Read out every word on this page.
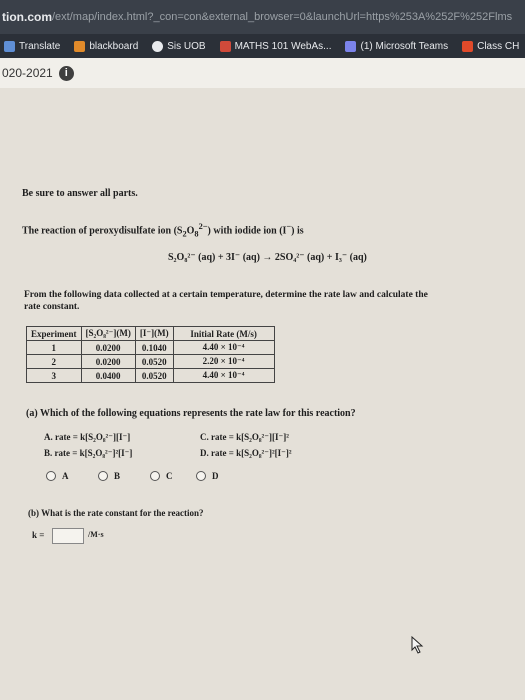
tion.com /ext/map/index.html?_con=con&external_browser=0&launchUrl=https%253A%252F%252Flms
Translate	blackboard	Sis UOB	MATHS 101 WebAs...	(1) Microsoft Teams	Class CH
020-2021	i
Be sure to answer all parts.
The reaction of peroxydisulfate ion $(S_2O_8^{2-})$ with iodide ion (I−) is
S₂O₈²⁻ (aq) + 3I⁻ (aq) → 2SO₄²⁻ (aq) + I₃⁻ (aq)
From the following data collected at a certain temperature, determine the rate law and calculate the
rate constant.
Experiment	[S₂O₈²⁻](M)	[I⁻](M)	Initial Rate (M/s)
1	0.0200	0.1040	4.40 × 10⁻⁴
2	0.0200	0.0520	2.20 × 10⁻⁴
3	0.0400	0.0520	4.40 × 10⁻⁴
(a) Which of the following equations represents the rate law for this reaction?
A. rate = k[S₂O₈²⁻][I⁻]
B. rate = k[S₂O₈²⁻]²[I⁻]
C. rate = k[S₂O₈²⁻][I⁻]²
D. rate = k[S₂O₈²⁻]²[I⁻]²
A	B	C	D
(b) What is the rate constant for the reaction?
k =	/M·s
